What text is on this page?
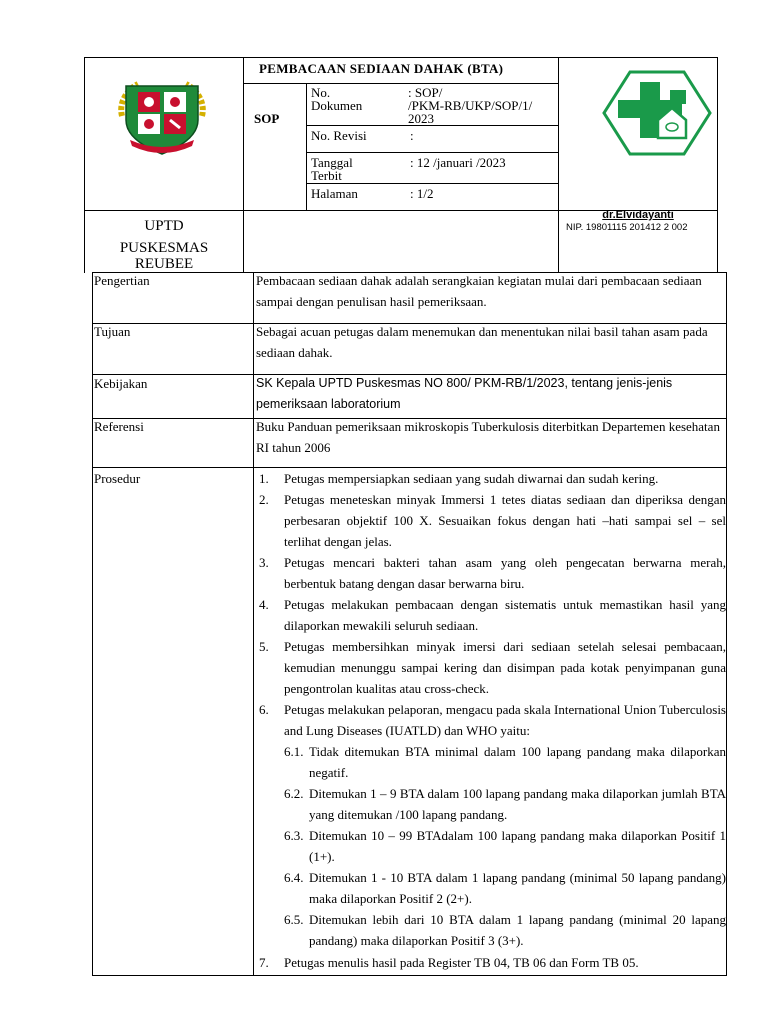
PEMBACAAN SEDIAAN DAHAK (BTA)
SOP
No.
Dokumen
: SOP/
/PKM-RB/UKP/SOP/1/
2023
No. Revisi	:
Tanggal
Terbit
: 12 /januari /2023
Halaman	: 1/2
UPTD
PUSKESMAS
REUBEE
dr.Elvidayanti
NIP. 19801115 201412 2 002
Pengertian
Tujuan
Kebijakan
Referensi
Prosedur
Pembacaan sediaan dahak adalah serangkaian kegiatan mulai dari pembacaan sediaan sampai dengan penulisan hasil pemeriksaan.
Sebagai acuan petugas dalam menemukan dan menentukan nilai basil tahan asam pada sediaan dahak.
SK Kepala UPTD Puskesmas NO 800/ PKM-RB/1/2023, tentang jenis-jenis pemeriksaan laboratorium
Buku Panduan pemeriksaan mikroskopis Tuberkulosis diterbitkan Departemen kesehatan RI tahun 2006
1. Petugas mempersiapkan sediaan yang sudah diwarnai dan sudah kering.
2. Petugas meneteskan minyak Immersi 1 tetes diatas sediaan dan diperiksa dengan perbesaran objektif 100 X. Sesuaikan fokus dengan hati –hati sampai sel – sel terlihat dengan jelas.
3. Petugas mencari bakteri tahan asam yang oleh pengecatan berwarna merah, berbentuk batang dengan dasar berwarna biru.
4. Petugas melakukan pembacaan dengan sistematis untuk memastikan hasil yang dilaporkan mewakili seluruh sediaan.
5. Petugas membersihkan minyak imersi dari sediaan setelah selesai pembacaan, kemudian menunggu sampai kering dan disimpan pada kotak penyimpanan guna pengontrolan kualitas atau cross-check.
6. Petugas melakukan pelaporan, mengacu pada skala International Union Tuberculosis and Lung Diseases (IUATLD) dan WHO yaitu:
6.1. Tidak ditemukan BTA minimal dalam 100 lapang pandang maka dilaporkan negatif.
6.2. Ditemukan 1 – 9 BTA dalam 100 lapang pandang maka dilaporkan jumlah BTA yang ditemukan /100 lapang pandang.
6.3. Ditemukan 10 – 99 BTAdalam 100 lapang pandang maka dilaporkan Positif 1 (1+).
6.4. Ditemukan 1 - 10 BTA dalam 1 lapang pandang (minimal 50 lapang pandang) maka dilaporkan Positif 2 (2+).
6.5. Ditemukan lebih dari 10 BTA dalam 1 lapang pandang (minimal 20 lapang pandang) maka dilaporkan Positif 3 (3+).
7. Petugas menulis hasil pada Register TB 04, TB 06 dan Form TB 05.
